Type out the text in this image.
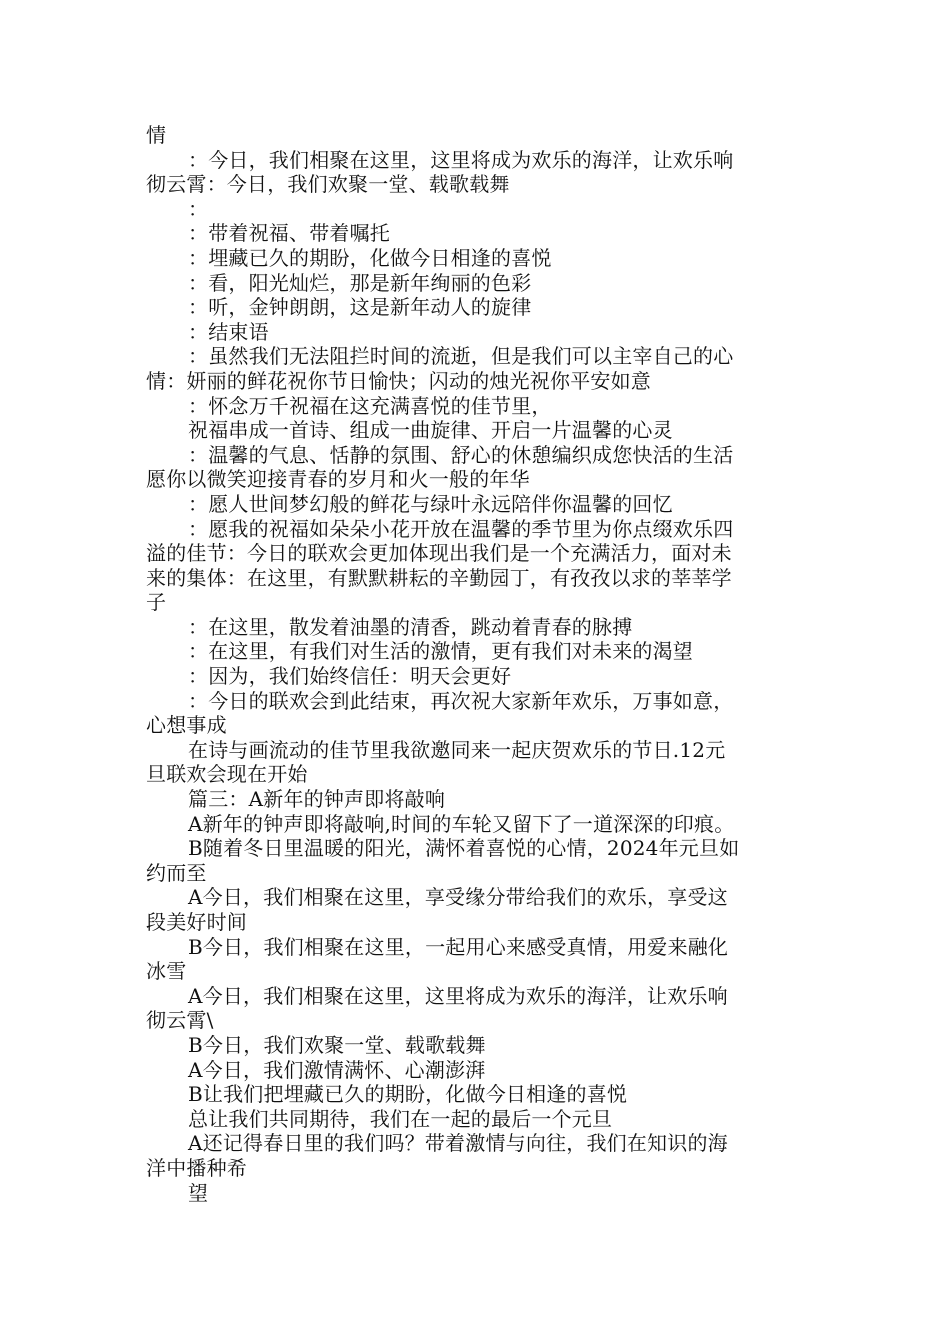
情
：今日，我们相聚在这里，这里将成为欢乐的海洋，让欢乐响
彻云霄：今日，我们欢聚一堂、载歌载舞
：
：带着祝福、带着嘱托
：埋藏已久的期盼，化做今日相逢的喜悦
：看，阳光灿烂，那是新年绚丽的色彩
：听，金钟朗朗，这是新年动人的旋律
：结束语
：虽然我们无法阻拦时间的流逝，但是我们可以主宰自己的心
情：妍丽的鲜花祝你节日愉快；闪动的烛光祝你平安如意
：怀念万千祝福在这充满喜悦的佳节里，
祝福串成一首诗、组成一曲旋律、开启一片温馨的心灵
：温馨的气息、恬静的氛围、舒心的休憩编织成您快活的生活
愿你以微笑迎接青春的岁月和火一般的年华
：愿人世间梦幻般的鲜花与绿叶永远陪伴你温馨的回忆
：愿我的祝福如朵朵小花开放在温馨的季节里为你点缀欢乐四
溢的佳节：今日的联欢会更加体现出我们是一个充满活力，面对未
来的集体：在这里，有默默耕耘的辛勤园丁，有孜孜以求的莘莘学
子
：在这里，散发着油墨的清香，跳动着青春的脉搏
：在这里，有我们对生活的激情，更有我们对未来的渴望
：因为，我们始终信任：明天会更好
：今日的联欢会到此结束，再次祝大家新年欢乐，万事如意，
心想事成
在诗与画流动的佳节里我欲邀同来一起庆贺欢乐的节日.12元
旦联欢会现在开始
篇三：A新年的钟声即将敲响
A新年的钟声即将敲响,时间的车轮又留下了一道深深的印痕。
B随着冬日里温暖的阳光，满怀着喜悦的心情，2024年元旦如
约而至
A今日，我们相聚在这里，享受缘分带给我们的欢乐，享受这
段美好时间
B今日，我们相聚在这里，一起用心来感受真情，用爱来融化
冰雪
A今日，我们相聚在这里，这里将成为欢乐的海洋，让欢乐响
彻云霄\
B今日，我们欢聚一堂、载歌载舞
A今日，我们激情满怀、心潮澎湃
B让我们把埋藏已久的期盼，化做今日相逢的喜悦
总让我们共同期待，我们在一起的最后一个元旦
A还记得春日里的我们吗？带着激情与向往，我们在知识的海
洋中播种希
望
